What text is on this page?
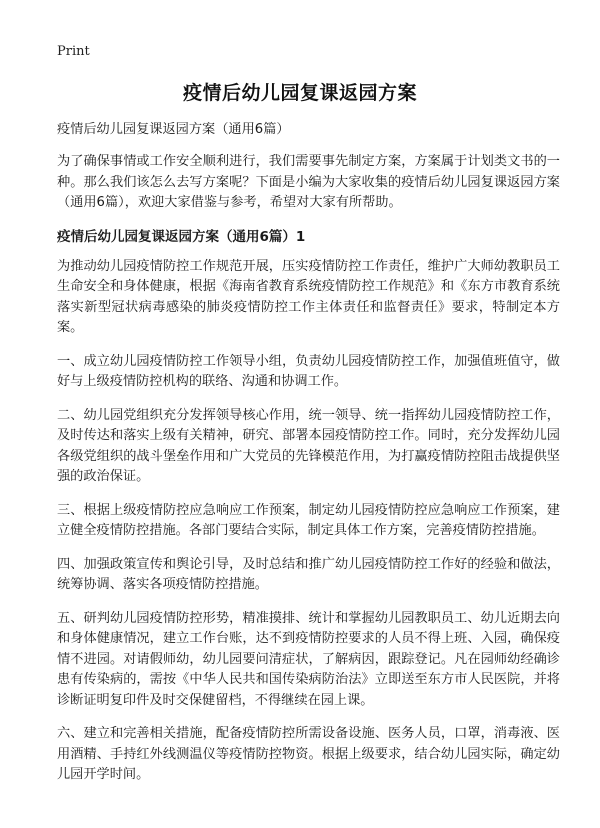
Print
疫情后幼儿园复课返园方案
疫情后幼儿园复课返园方案（通用6篇）

为了确保事情或工作安全顺利进行，我们需要事先制定方案，方案属于计划类文书的一种。那么我们该怎么去写方案呢？下面是小编为大家收集的疫情后幼儿园复课返园方案（通用6篇），欢迎大家借鉴与参考，希望对大家有所帮助。

疫情后幼儿园复课返园方案（通用6篇）1

为推动幼儿园疫情防控工作规范开展，压实疫情防控工作责任，维护广大师幼教职员工生命安全和身体健康，根据《海南省教育系统疫情防控工作规范》和《东方市教育系统落实新型冠状病毒感染的肺炎疫情防控工作主体责任和监督责任》要求，特制定本方案。

一、成立幼儿园疫情防控工作领导小组，负责幼儿园疫情防控工作，加强值班值守，做好与上级疫情防控机构的联络、沟通和协调工作。

二、幼儿园党组织充分发挥领导核心作用，统一领导、统一指挥幼儿园疫情防控工作，及时传达和落实上级有关精神，研究、部署本园疫情防控工作。同时，充分发挥幼儿园各级党组织的战斗堡垒作用和广大党员的先锋模范作用，为打赢疫情防控阻击战提供坚强的政治保证。

三、根据上级疫情防控应急响应工作预案，制定幼儿园疫情防控应急响应工作预案，建立健全疫情防控措施。各部门要结合实际，制定具体工作方案，完善疫情防控措施。

四、加强政策宣传和舆论引导，及时总结和推广幼儿园疫情防控工作好的经验和做法，统筹协调、落实各项疫情防控措施。

五、研判幼儿园疫情防控形势，精准摸排、统计和掌握幼儿园教职员工、幼儿近期去向和身体健康情况，建立工作台账，达不到疫情防控要求的人员不得上班、入园，确保疫情不进园。对请假师幼，幼儿园要问清症状，了解病因，跟踪登记。凡在园师幼经确诊患有传染病的，需按《中华人民共和国传染病防治法》立即送至东方市人民医院，并将诊断证明复印件及时交保健留档，不得继续在园上课。

六、建立和完善相关措施，配备疫情防控所需设备设施、医务人员，口罩，消毒液、医用酒精、手持红外线测温仪等疫情防控物资。根据上级要求，结合幼儿园实际，确定幼儿园开学时间。
